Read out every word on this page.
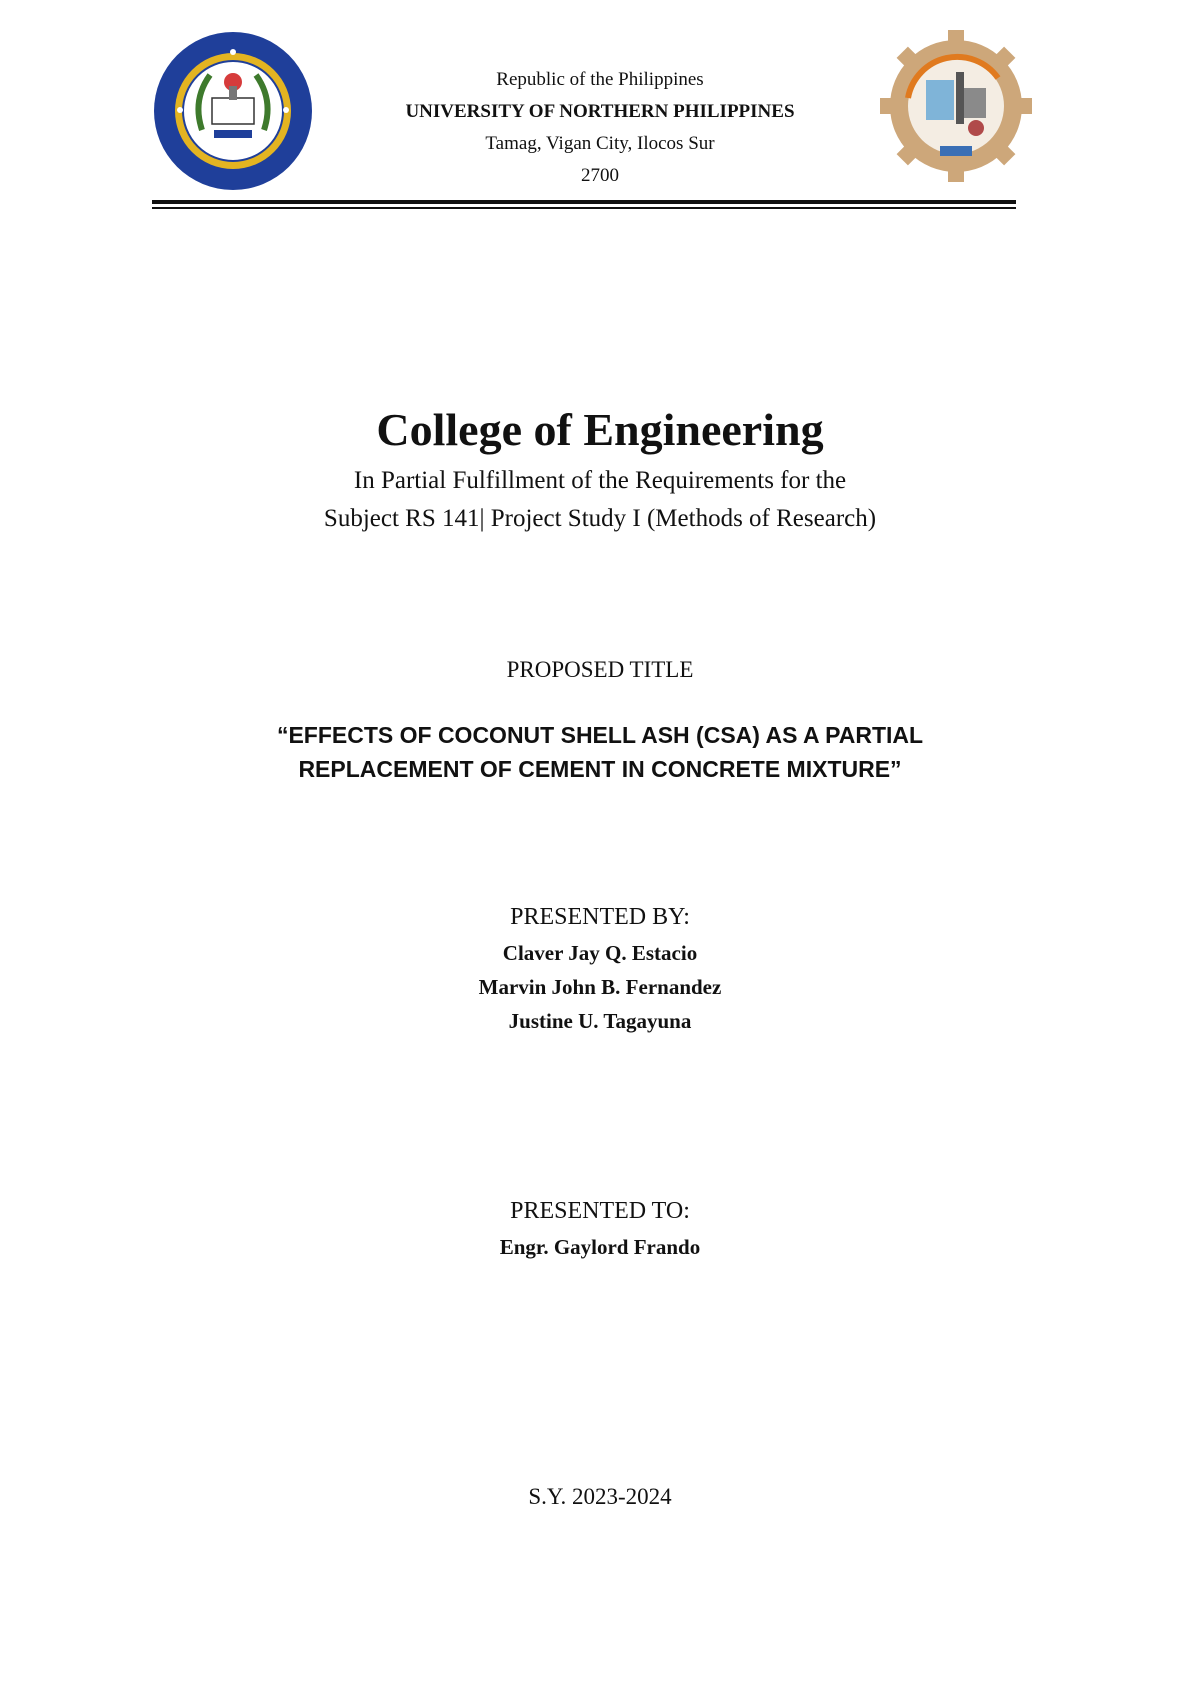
Republic of the Philippines
UNIVERSITY OF NORTHERN PHILIPPINES
Tamag, Vigan City, Ilocos Sur
2700
College of Engineering
In Partial Fulfillment of the Requirements for the
Subject RS 141| Project Study I (Methods of Research)
PROPOSED TITLE
“EFFECTS OF COCONUT SHELL ASH (CSA) AS A PARTIAL
REPLACEMENT OF CEMENT IN CONCRETE MIXTURE”
PRESENTED BY:
Claver Jay Q. Estacio
Marvin John B. Fernandez
Justine U. Tagayuna
PRESENTED TO:
Engr. Gaylord Frando
S.Y. 2023-2024
